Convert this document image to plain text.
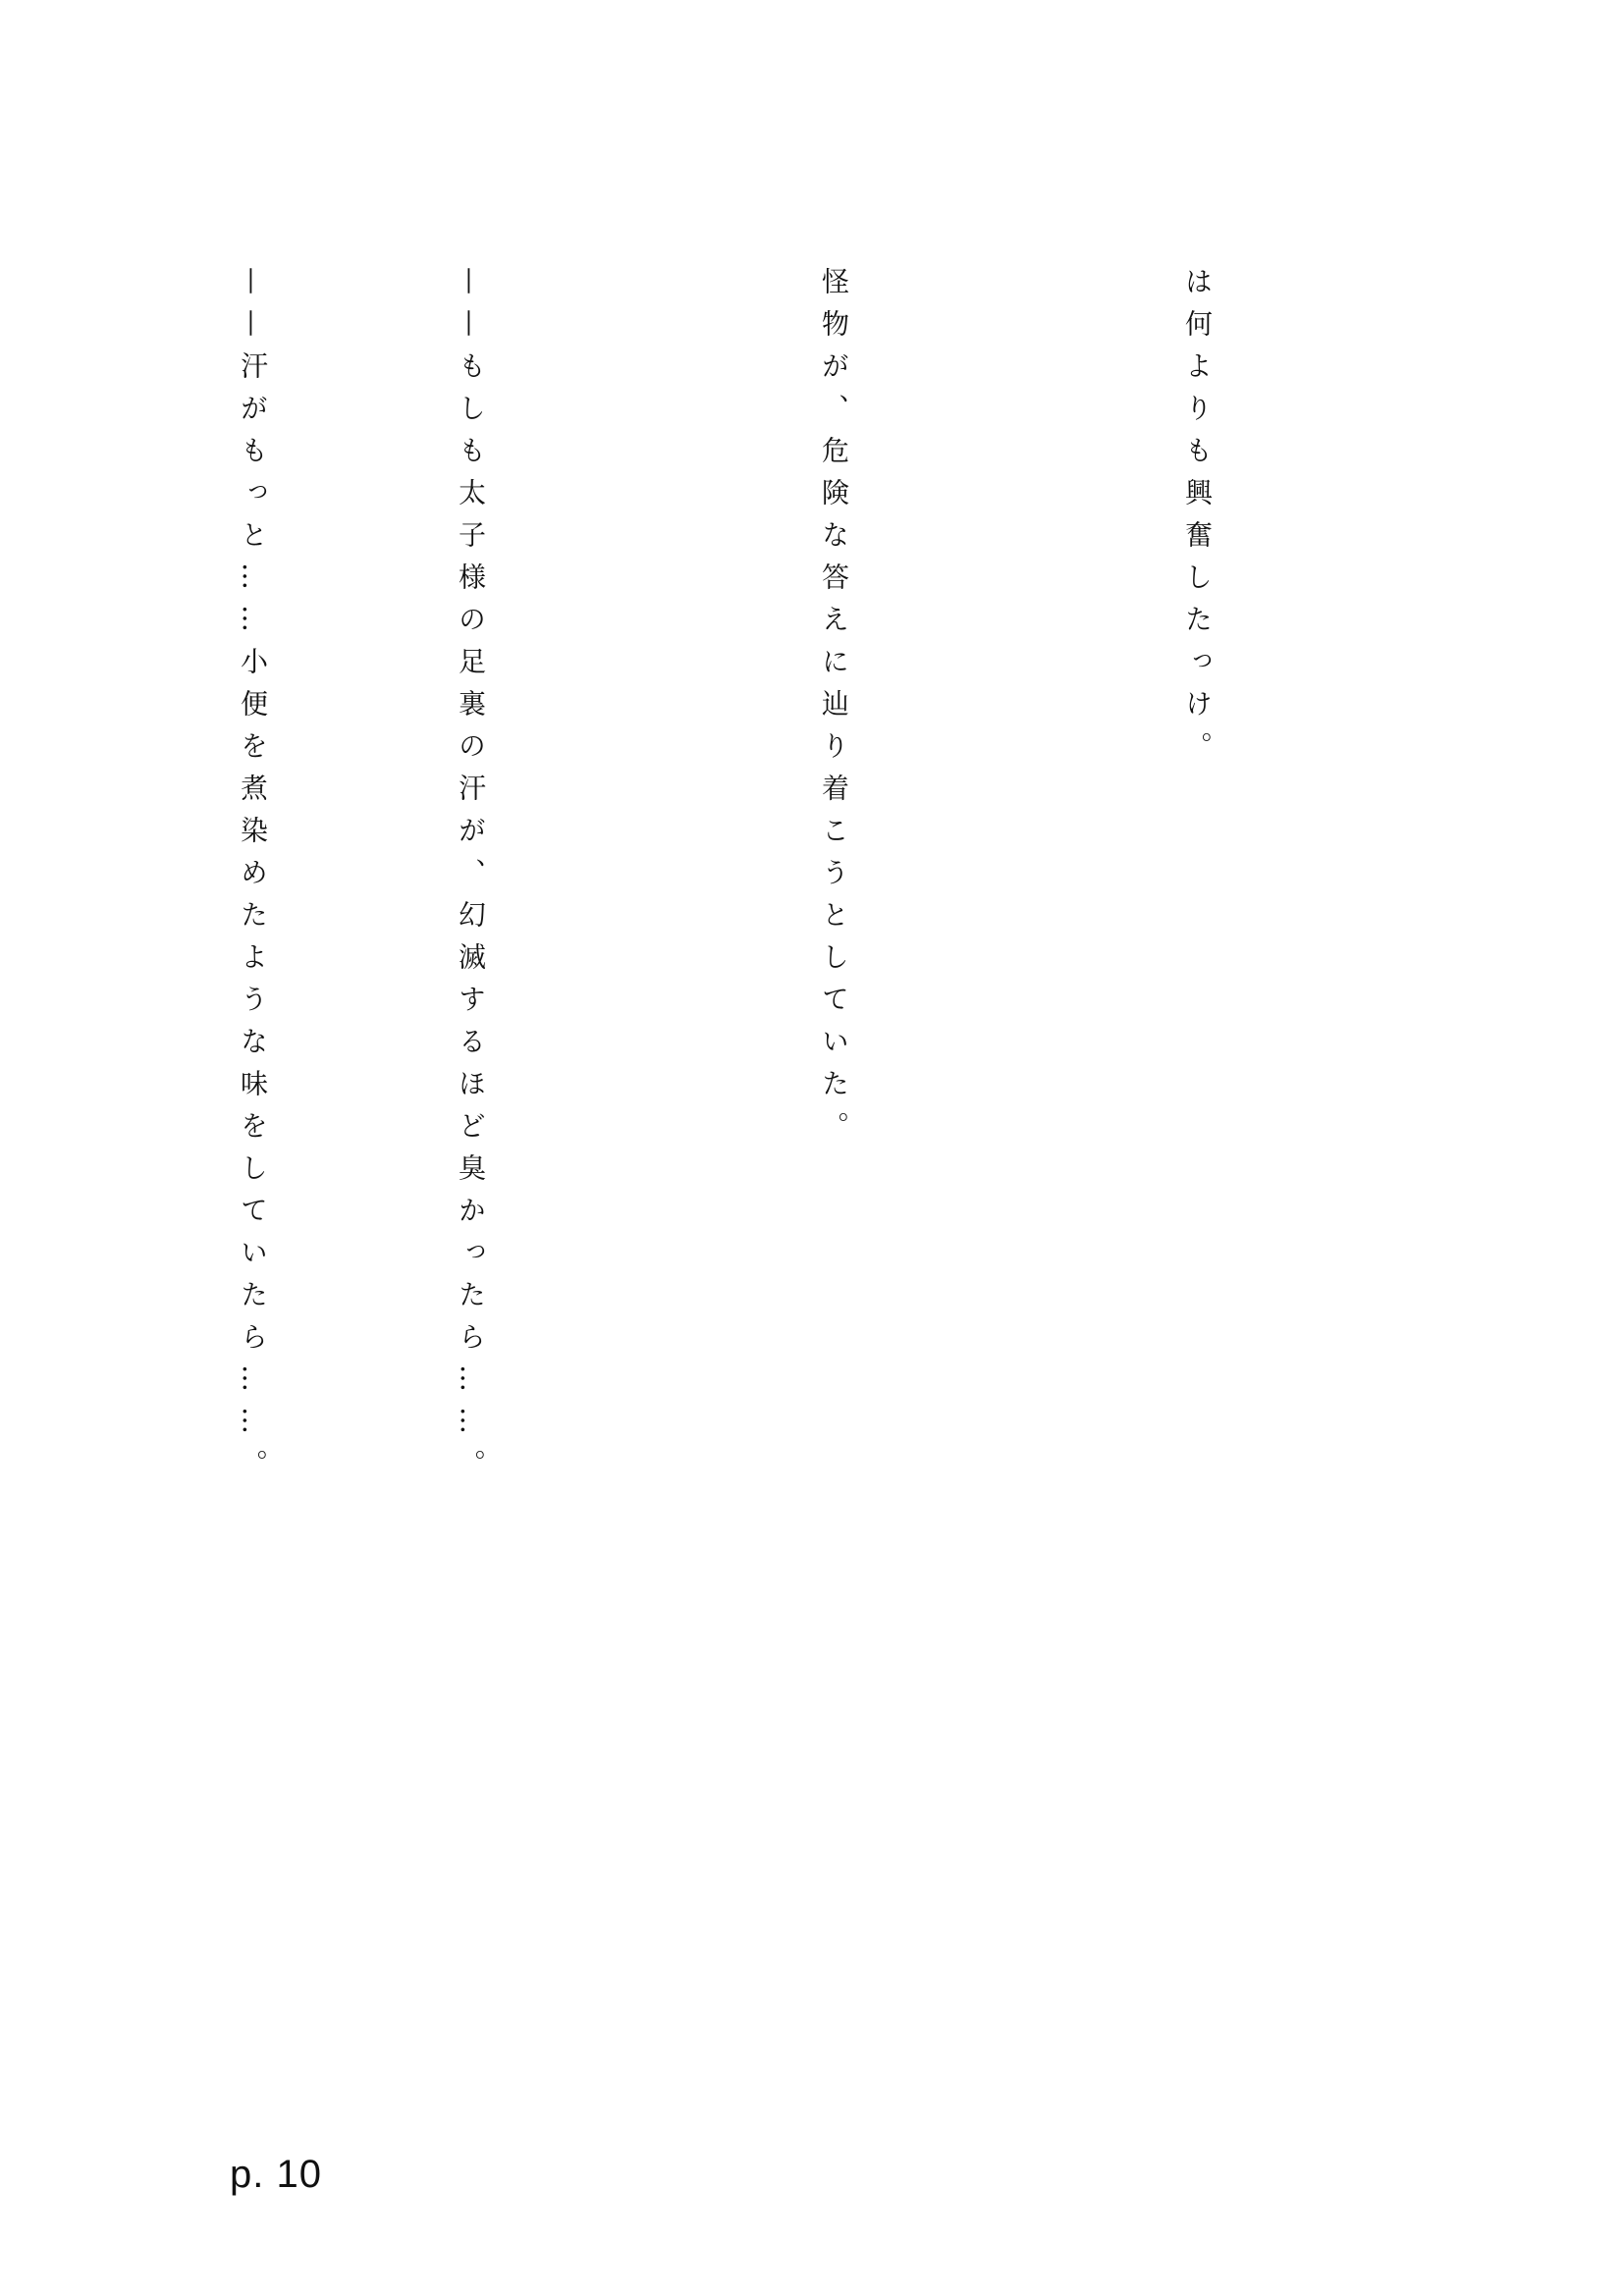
は何よりも興奮したっけ。

怪物が、危険な答えに辿り着こうとしていた。

——もしも太子様の足裏の汗が、幻滅するほど臭かったら……。

——汗がもっと……小便を煮染めたような味をしていたら……。

p. 10
